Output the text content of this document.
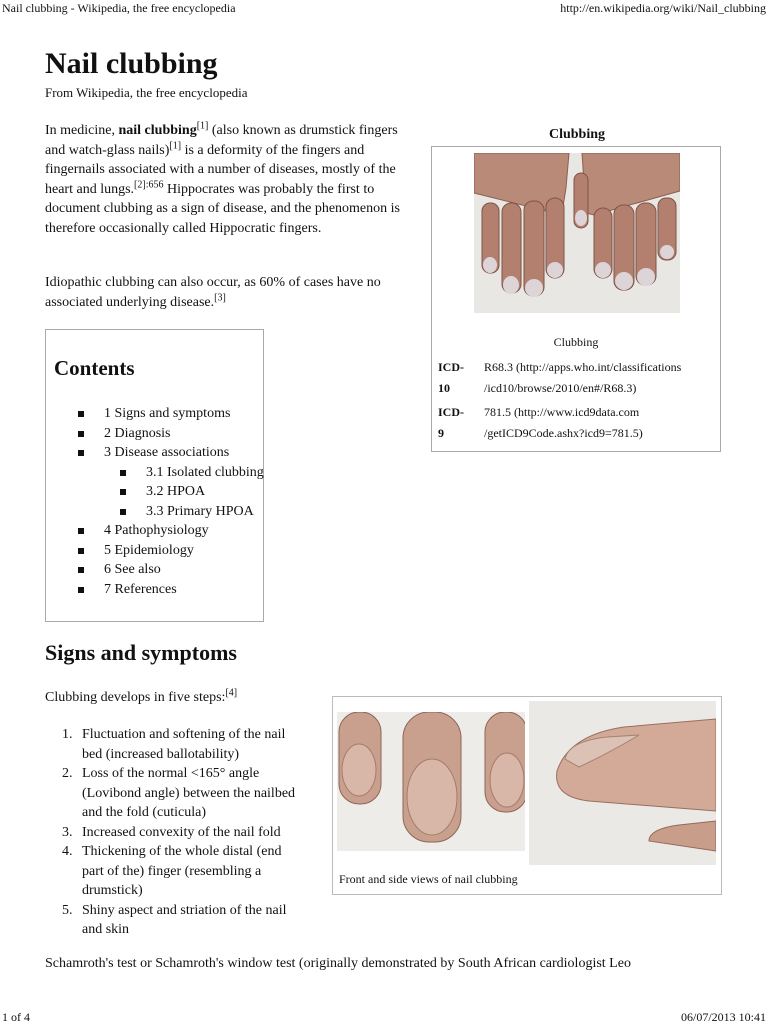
Nail clubbing - Wikipedia, the free encyclopedia	http://en.wikipedia.org/wiki/Nail_clubbing
Nail clubbing
From Wikipedia, the free encyclopedia

In medicine, nail clubbing[1] (also known as drumstick fingers and watch-glass nails)[1] is a deformity of the fingers and fingernails associated with a number of diseases, mostly of the heart and lungs.$^{[2]:656}$ Hippocrates was probably the first to document clubbing as a sign of disease, and the phenomenon is therefore occasionally called Hippocratic fingers.

Idiopathic clubbing can also occur, as 60% of cases have no associated underlying disease.[3]

Clubbing
Clubbing
ICD-10
R68.3 (http://apps.who.int/classifications
/icd10/browse/2010/en#/R68.3)
ICD-9
781.5 (http://www.icd9data.com
/getICD9Code.ashx?icd9=781.5)
Contents
1 Signs and symptoms
2 Diagnosis
3 Disease associations
3.1 Isolated clubbing
3.2 HPOA
3.3 Primary HPOA
4 Pathophysiology
5 Epidemiology
6 See also
7 References
Signs and symptoms

Clubbing develops in five steps:[4]

1. Fluctuation and softening of the nail bed (increased ballotability)
2. Loss of the normal <165° angle (Lovibond angle) between the nailbed and the fold (cuticula)
3. Increased convexity of the nail fold
4. Thickening of the whole distal (end part of the) finger (resembling a drumstick)
5. Shiny aspect and striation of the nail and skin
Front and side views of nail clubbing

Schamroth's test or Schamroth's window test (originally demonstrated by South African cardiologist Leo

1 of 4	06/07/2013 10:41
